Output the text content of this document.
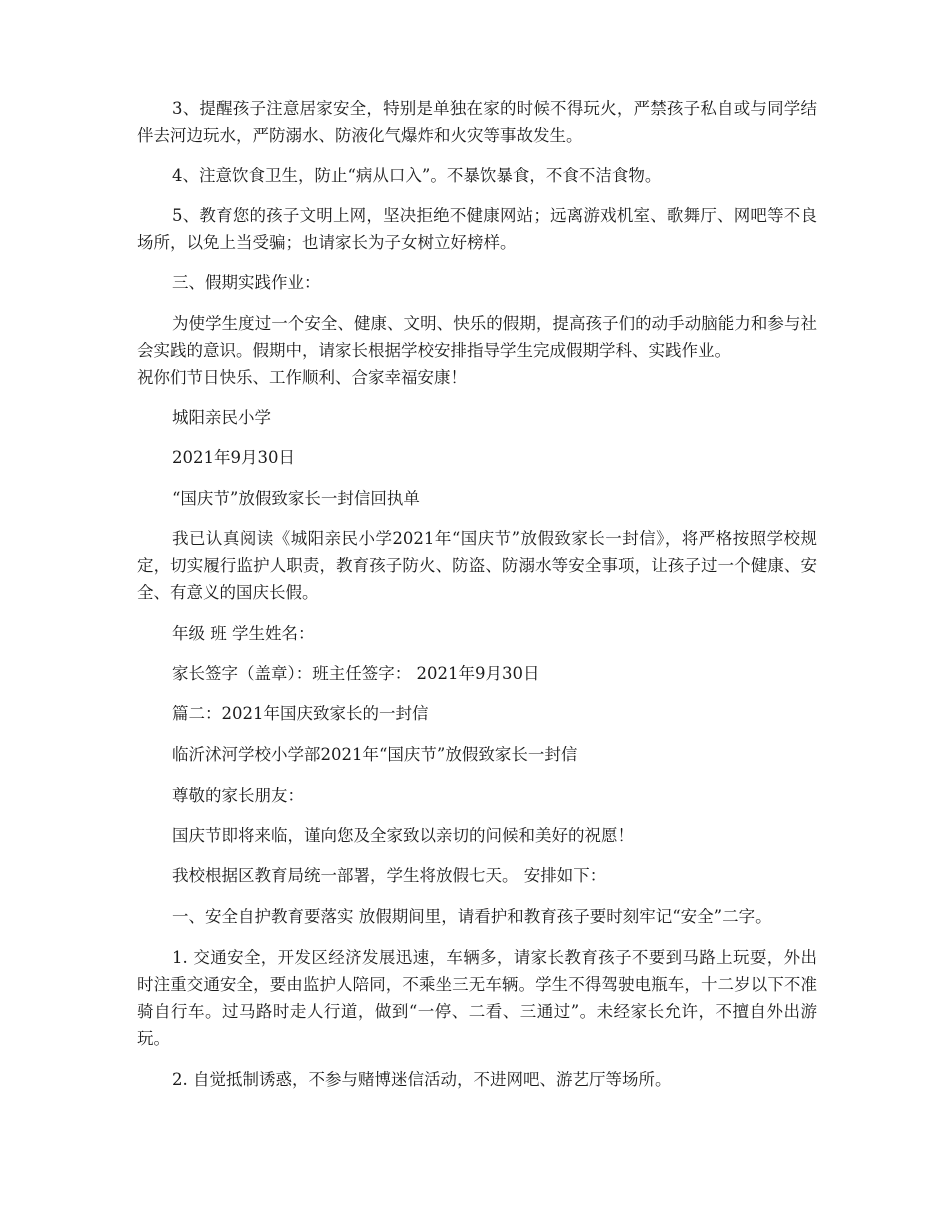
3、提醒孩子注意居家安全，特别是单独在家的时候不得玩火，严禁孩子私自或与同学结伴去河边玩水，严防溺水、防液化气爆炸和火灾等事故发生。

4、注意饮食卫生，防止“病从口入”。不暴饮暴食，不食不洁食物。

5、教育您的孩子文明上网，坚决拒绝不健康网站；远离游戏机室、歌舞厅、网吧等不良场所，以免上当受骗；也请家长为子女树立好榜样。

三、假期实践作业：

为使学生度过一个安全、健康、文明、快乐的假期，提高孩子们的动手动脑能力和参与社会实践的意识。假期中，请家长根据学校安排指导学生完成假期学科、实践作业。

祝你们节日快乐、工作顺利、合家幸福安康！

城阳亲民小学

2021年9月30日

“国庆节”放假致家长一封信回执单

我已认真阅读《城阳亲民小学2021年“国庆节”放假致家长一封信》，将严格按照学校规定，切实履行监护人职责，教育孩子防火、防盗、防溺水等安全事项，让孩子过一个健康、安全、有意义的国庆长假。

年级 班 学生姓名：

家长签字（盖章）：班主任签字： 2021年9月30日

篇二：2021年国庆致家长的一封信

临沂沭河学校小学部2021年“国庆节”放假致家长一封信

尊敬的家长朋友：

国庆节即将来临，谨向您及全家致以亲切的问候和美好的祝愿！

我校根据区教育局统一部署，学生将放假七天。 安排如下：

一、安全自护教育要落实 放假期间里，请看护和教育孩子要时刻牢记“安全”二字。

1. 交通安全，开发区经济发展迅速，车辆多，请家长教育孩子不要到马路上玩耍，外出时注重交通安全，要由监护人陪同，不乘坐三无车辆。学生不得驾驶电瓶车，十二岁以下不准骑自行车。过马路时走人行道，做到“一停、二看、三通过”。未经家长允许，不擅自外出游玩。

2. 自觉抵制诱惑，不参与赌博迷信活动，不进网吧、游艺厅等场所。
